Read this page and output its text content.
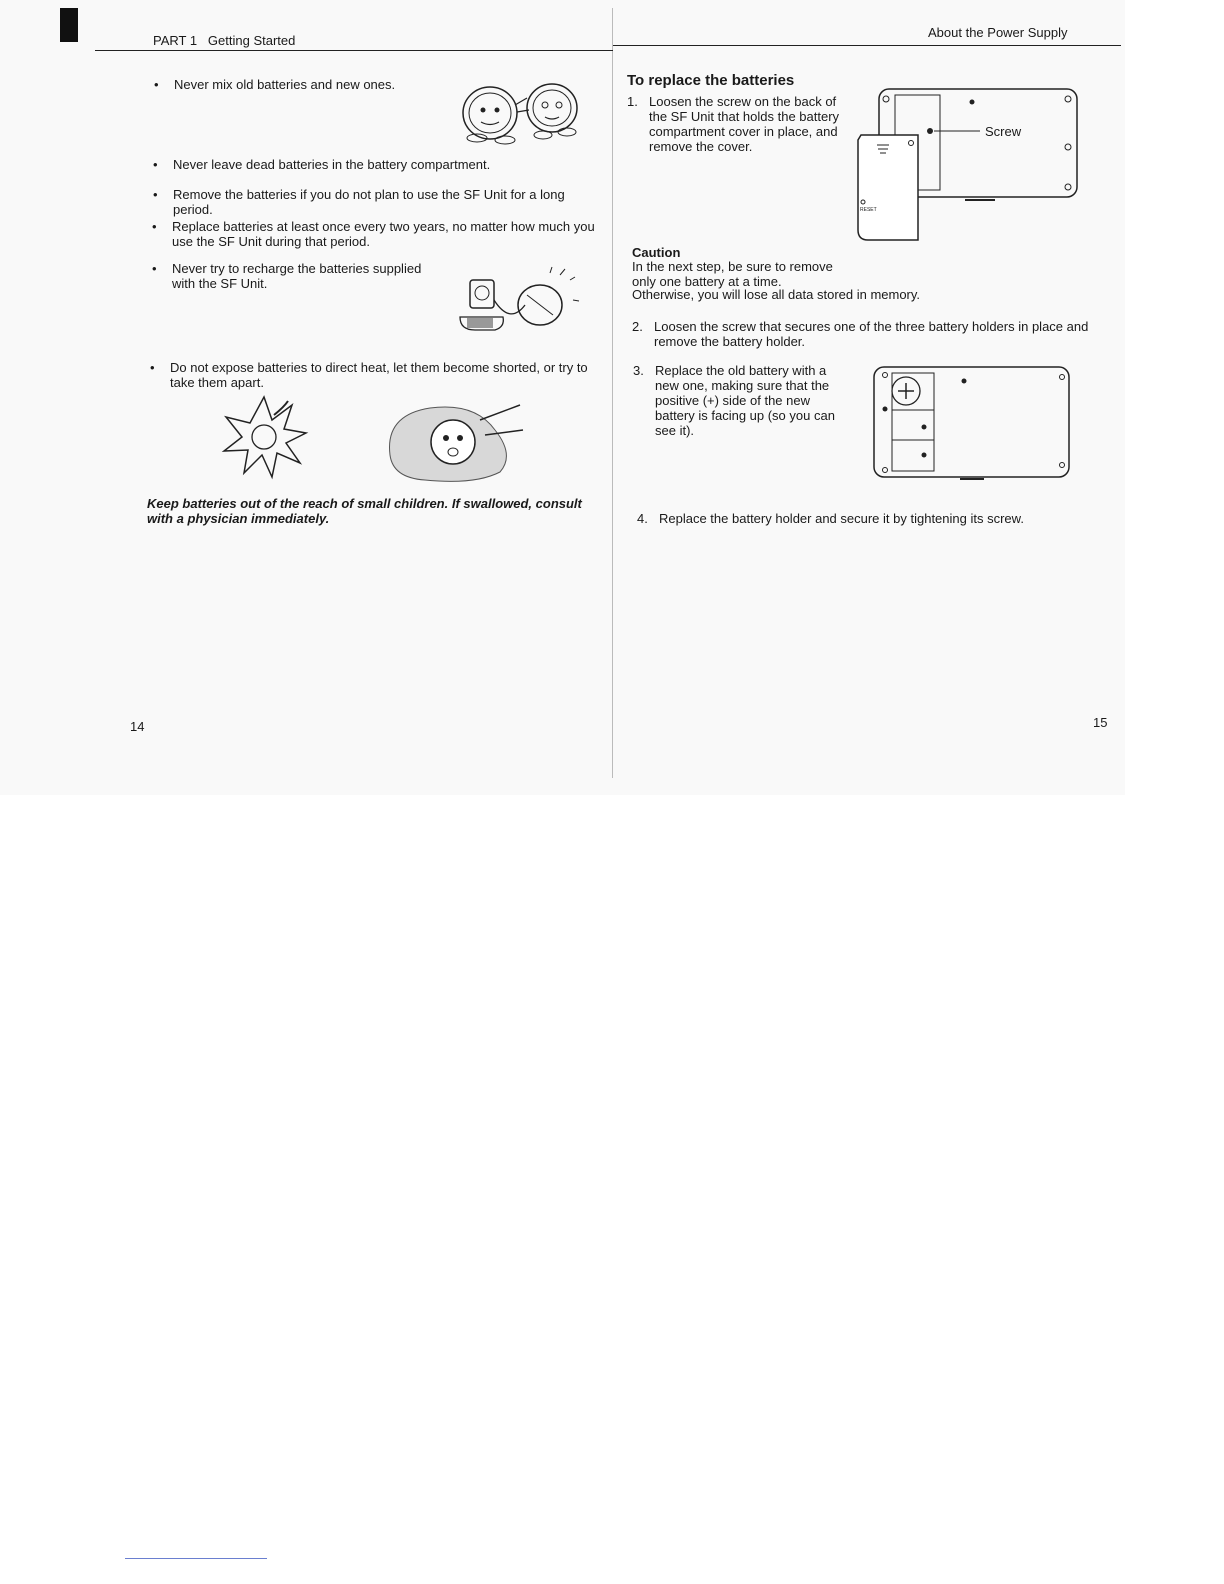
PART 1 Getting Started
About the Power Supply
• Never mix old batteries and new ones.
• Never leave dead batteries in the battery compartment.
• Remove the batteries if you do not plan to use the SF Unit for a long period.
• Replace batteries at least once every two years, no matter how much you use the SF Unit during that period.
• Never try to recharge the batteries supplied with the SF Unit.
• Do not expose batteries to direct heat, let them become shorted, or try to take them apart.
Keep batteries out of the reach of small children. If swallowed, consult with a physician immediately.
14
To replace the batteries
1. Loosen the screw on the back of the SF Unit that holds the battery compartment cover in place, and remove the cover.
RESET
Screw
Caution
In the next step, be sure to remove only one battery at a time.
Otherwise, you will lose all data stored in memory.
2. Loosen the screw that secures one of the three battery holders in place and remove the battery holder.
3. Replace the old battery with a new one, making sure that the positive (+) side of the new battery is facing up (so you can see it).
4. Replace the battery holder and secure it by tightening its screw.
15
